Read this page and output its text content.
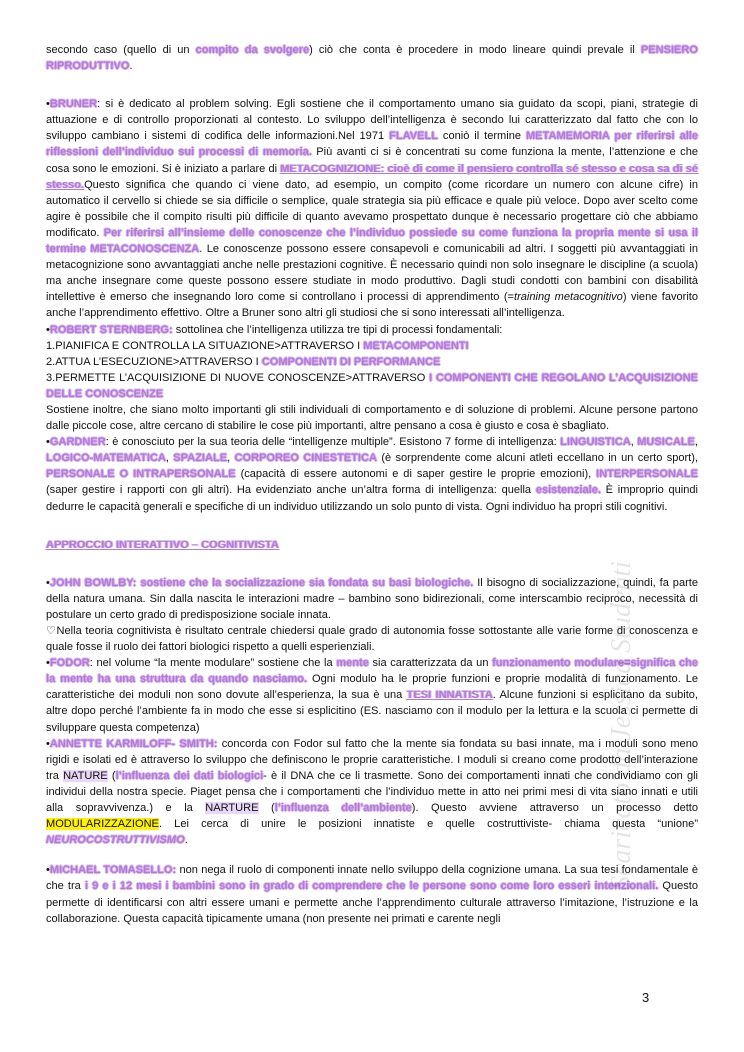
secondo caso (quello di un compito da svolgere) ciò che conta è procedere in modo lineare quindi prevale il PENSIERO RIPRODUTTIVO.

•BRUNER: si è dedicato al problem solving. Egli sostiene che il comportamento umano sia guidato da scopi, piani, strategie di attuazione e di controllo proporzionati al contesto. Lo sviluppo dell’intelligenza è secondo lui caratterizzato dal fatto che con lo sviluppo cambiano i sistemi di codifica delle informazioni.Nel 1971 FLAVELL coniò il termine METAMEMORIA per riferirsi alle riflessioni dell’individuo sui processi di memoria. Più avanti ci si è concentrati su come funziona la mente, l’attenzione e che cosa sono le emozioni. Si è iniziato a parlare di METACOGNIZIONE: cioè di come il pensiero controlla sé stesso e cosa sa di sé stesso.Questo significa che quando ci viene dato, ad esempio, un compito (come ricordare un numero con alcune cifre) in automatico il cervello si chiede se sia difficile o semplice, quale strategia sia più efficace e quale più veloce. Dopo aver scelto come agire è possibile che il compito risulti più difficile di quanto avevamo prospettato dunque è necessario progettare ciò che abbiamo modificato. Per riferirsi all’insieme delle conoscenze che l’individuo possiede su come funziona la propria mente si usa il termine METACONOSCENZA. Le conoscenze possono essere consapevoli e comunicabili ad altri. I soggetti più avvantaggiati in metacognizione sono avvantaggiati anche nelle prestazioni cognitive. È necessario quindi non solo insegnare le discipline (a scuola) ma anche insegnare come queste possono essere studiate in modo produttivo. Dagli studi condotti con bambini con disabilità intellettive è emerso che insegnando loro come si controllano i processi di apprendimento (=training metacognitivo) viene favorito anche l’apprendimento effettivo. Oltre a Bruner sono altri gli studiosi che si sono interessati all’intelligenza.

•ROBERT STERNBERG: sottolinea che l’intelligenza utilizza tre tipi di processi fondamentali:

1.PIANIFICA E CONTROLLA LA SITUAZIONE>ATTRAVERSO I METACOMPONENTI

2.ATTUA L’ESECUZIONE>ATTRAVERSO I COMPONENTI DI PERFORMANCE

3.PERMETTE L’ACQUISIZIONE DI NUOVE CONOSCENZE>ATTRAVERSO I COMPONENTI CHE REGOLANO L’ACQUISIZIONE DELLE CONOSCENZE

Sostiene inoltre, che siano molto importanti gli stili individuali di comportamento e di soluzione di problemi. Alcune persone partono dalle piccole cose, altre cercano di stabilire le cose più importanti, altre pensano a cosa è giusto e cosa è sbagliato.

•GARDNER: è conosciuto per la sua teoria delle “intelligenze multiple”. Esistono 7 forme di intelligenza: LINGUISTICA, MUSICALE, LOGICO-MATEMATICA, SPAZIALE, CORPOREO CINESTETICA (è sorprendente come alcuni atleti eccellano in un certo sport), PERSONALE O INTRAPERSONALE (capacità di essere autonomi e di saper gestire le proprie emozioni), INTERPERSONALE (saper gestire i rapporti con gli altri). Ha evidenziato anche un’altra forma di intelligenza: quella esistenziale. È improprio quindi dedurre le capacità generali e specifiche di un individuo utilizzando un solo punto di vista. Ogni individuo ha propri stili cognitivi.

APPROCCIO INTERATTIVO – COGNITIVISTA

•JOHN BOWLBY: sostiene che la socializzazione sia fondata su basi biologiche. Il bisogno di socializzazione, quindi, fa parte della natura umana. Sin dalla nascita le interazioni madre – bambino sono bidirezionali, come interscambio reciproco, necessità di postulare un certo grado di predisposizione sociale innata.

♡Nella teoria cognitivista è risultato centrale chiedersi quale grado di autonomia fosse sottostante alle varie forme di conoscenza e quale fosse il ruolo dei fattori biologici rispetto a quelli esperienziali.

•FODOR: nel volume “la mente modulare” sostiene che la mente sia caratterizzata da un funzionamento modulare=significa che la mente ha una struttura da quando nasciamo. Ogni modulo ha le proprie funzioni e proprie modalità di funzionamento. Le caratteristiche dei moduli non sono dovute all’esperienza, la sua è una TESI INNATISTA. Alcune funzioni si esplicitano da subito, altre dopo perché l’ambiente fa in modo che esse si esplicitino (ES. nasciamo con il modulo per la lettura e la scuola ci permette di sviluppare questa competenza)

•ANNETTE KARMILOFF- SMITH: concorda con Fodor sul fatto che la mente sia fondata su basi innate, ma i moduli sono meno rigidi e isolati ed è attraverso lo sviluppo che definiscono le proprie caratteristiche. I moduli si creano come prodotto dell’interazione tra NATURE (l’influenza dei dati biologici- è il DNA che ce li trasmette. Sono dei comportamenti innati che condividiamo con gli individui della nostra specie. Piaget pensa che i comportamenti che l’individuo mette in atto nei primi mesi di vita siano innati e utili alla sopravvivenza.) e la NARTURE (l’influenza dell’ambiente). Questo avviene attraverso un processo detto MODULARIZZAZIONE. Lei cerca di unire le posizioni innatiste e quelle costruttiviste- chiama questa “unione” NEUROCOSTRUTTIVISMO.

•MICHAEL TOMASELLO: non nega il ruolo di componenti innate nello sviluppo della cognizione umana. La sua tesi fondamentale è che tra i 9 e i 12 mesi i bambini sono in grado di comprendere che le persone sono come loro esseri intenzionali. Questo permette di identificarsi con altri essere umani e permette anche l’apprendimento culturale attraverso l’imitazione, l’istruzione e la collaborazione. Questa capacità tipicamente umana (non presente nei primati e carente negli

Scaricato da Jessica Studenti
3
